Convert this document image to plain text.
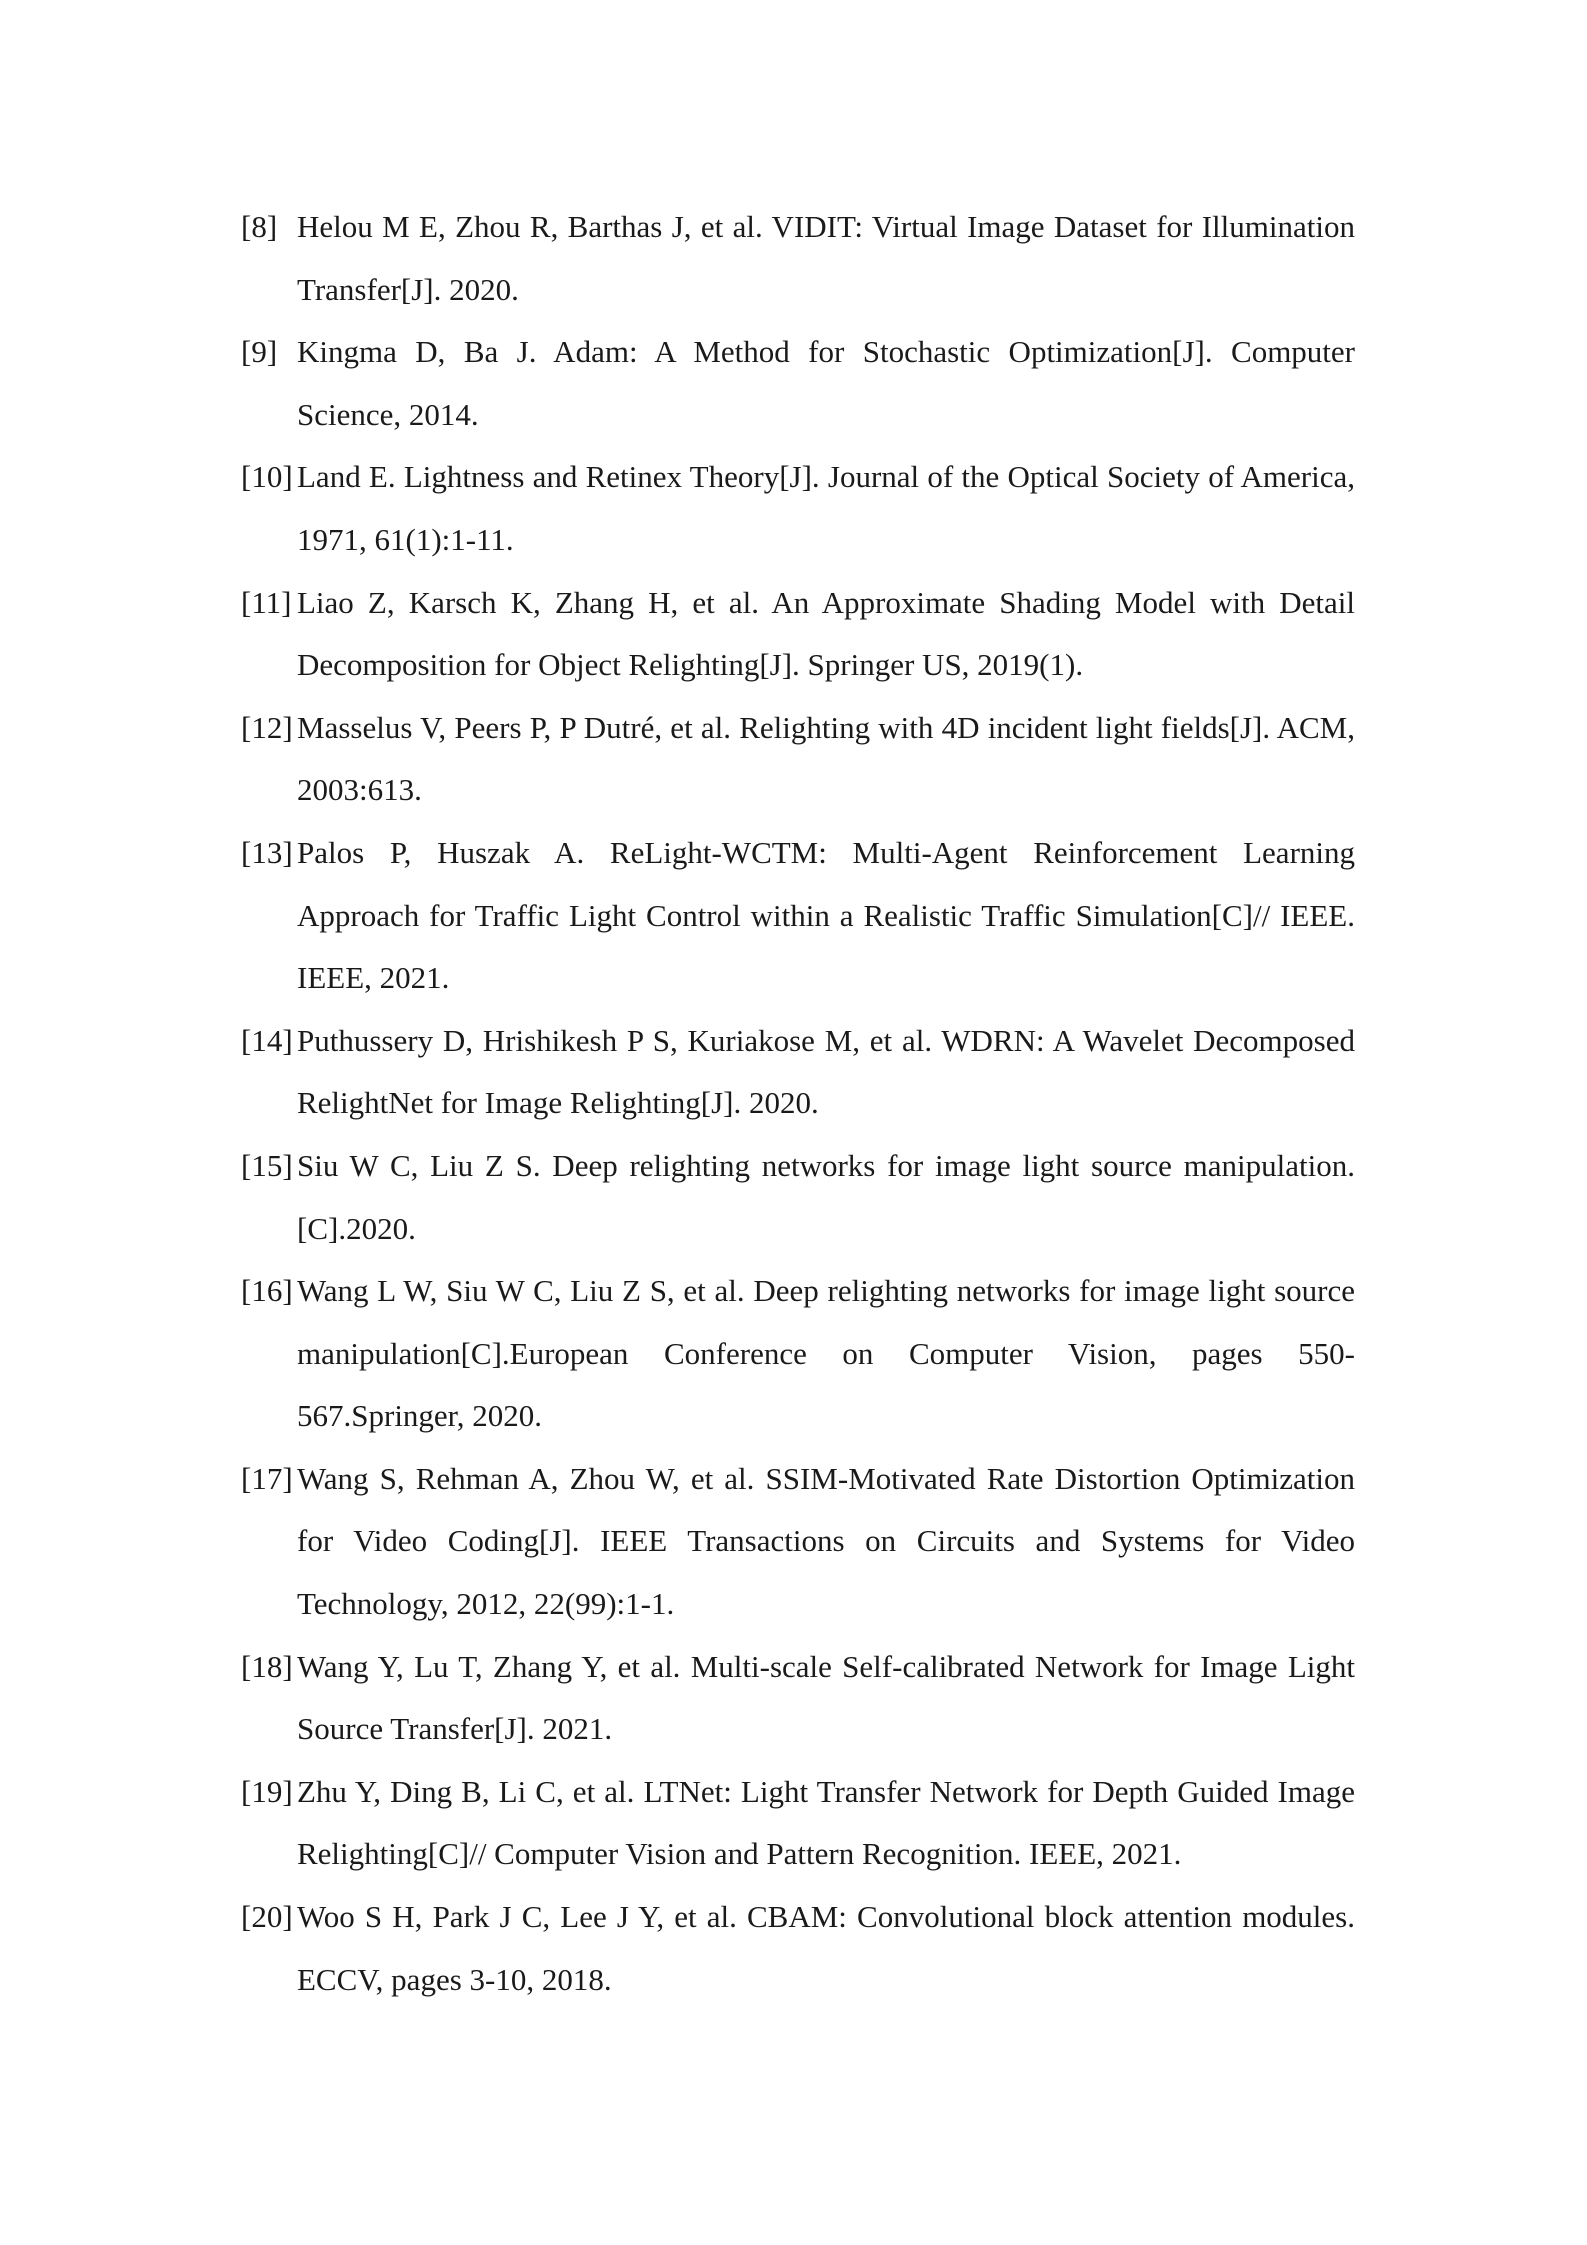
[8] Helou M E, Zhou R, Barthas J, et al. VIDIT: Virtual Image Dataset for Illumination Transfer[J]. 2020.
[9] Kingma D, Ba J. Adam: A Method for Stochastic Optimization[J]. Computer Science, 2014.
[10] Land E. Lightness and Retinex Theory[J]. Journal of the Optical Society of America, 1971, 61(1):1-11.
[11] Liao Z, Karsch K, Zhang H, et al. An Approximate Shading Model with Detail Decomposition for Object Relighting[J]. Springer US, 2019(1).
[12] Masselus V, Peers P, P Dutré, et al. Relighting with 4D incident light fields[J]. ACM, 2003:613.
[13] Palos P, Huszak A. ReLight-WCTM: Multi-Agent Reinforcement Learning Approach for Traffic Light Control within a Realistic Traffic Simulation[C]// IEEE. IEEE, 2021.
[14] Puthussery D, Hrishikesh P S, Kuriakose M, et al. WDRN: A Wavelet Decomposed RelightNet for Image Relighting[J]. 2020.
[15] Siu W C, Liu Z S. Deep relighting networks for image light source manipulation. [C].2020.
[16] Wang L W, Siu W C, Liu Z S, et al. Deep relighting networks for image light source manipulation[C].European Conference on Computer Vision, pages 550-567.Springer, 2020.
[17] Wang S, Rehman A, Zhou W, et al. SSIM-Motivated Rate Distortion Optimization for Video Coding[J]. IEEE Transactions on Circuits and Systems for Video Technology, 2012, 22(99):1-1.
[18] Wang Y, Lu T, Zhang Y, et al. Multi-scale Self-calibrated Network for Image Light Source Transfer[J]. 2021.
[19] Zhu Y, Ding B, Li C, et al. LTNet: Light Transfer Network for Depth Guided Image Relighting[C]// Computer Vision and Pattern Recognition. IEEE, 2021.
[20] Woo S H, Park J C, Lee J Y, et al. CBAM: Convolutional block attention modules. ECCV, pages 3-10, 2018.
